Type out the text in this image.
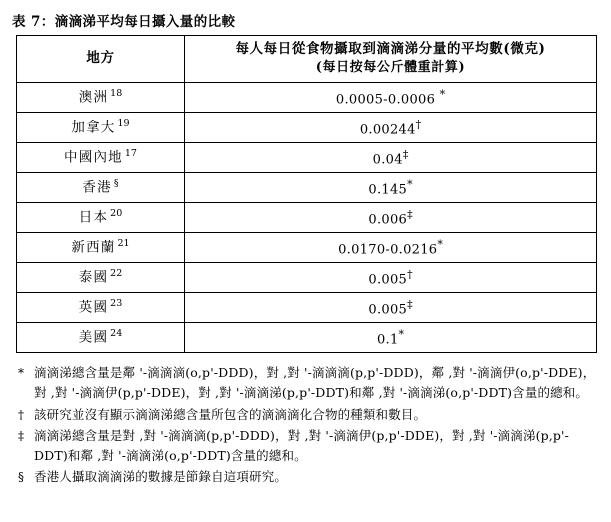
表 7：滴滴涕平均每日攝入量的比較
地方	每人每日從食物攝取到滴滴涕分量的平均數(微克)
(每日按每公斤體重計算)

澳洲 $^{18}$	0.0005-0.0006 *
加拿大 $^{19}$	0.00244†
中國內地 $^{17}$	0.04‡
香港 §	0.145*
日本 $^{20}$	0.006‡
新西蘭 $^{21}$	0.0170-0.0216*
泰國 $^{22}$	0.005†
英國 $^{23}$	0.005‡
美國 $^{24}$	0.1*
* 滴滴涕總含量是鄰 '-滴滴滴(o,p'-DDD)，對 ,對 '-滴滴滴(p,p'-DDD)，鄰 ,對 '-滴滴伊(o,p'-DDE)，對 ,對 '-滴滴伊(p,p'-DDE)，對 ,對 '-滴滴涕(p,p'-DDT)和鄰 ,對 '-滴滴涕(o,p'-DDT)含量的總和。
† 該研究並沒有顯示滴滴涕總含量所包含的滴滴滴化合物的種類和數目。
‡ 滴滴涕總含量是對 ,對 '-滴滴滴(p,p'-DDD)，對 ,對 '-滴滴伊(p,p'-DDE)，對 ,對 '-滴滴涕(p,p'-DDT)和鄰 ,對 '-滴滴涕(o,p'-DDT)含量的總和。
§ 香港人攝取滴滴涕的數據是節錄自這項研究。
